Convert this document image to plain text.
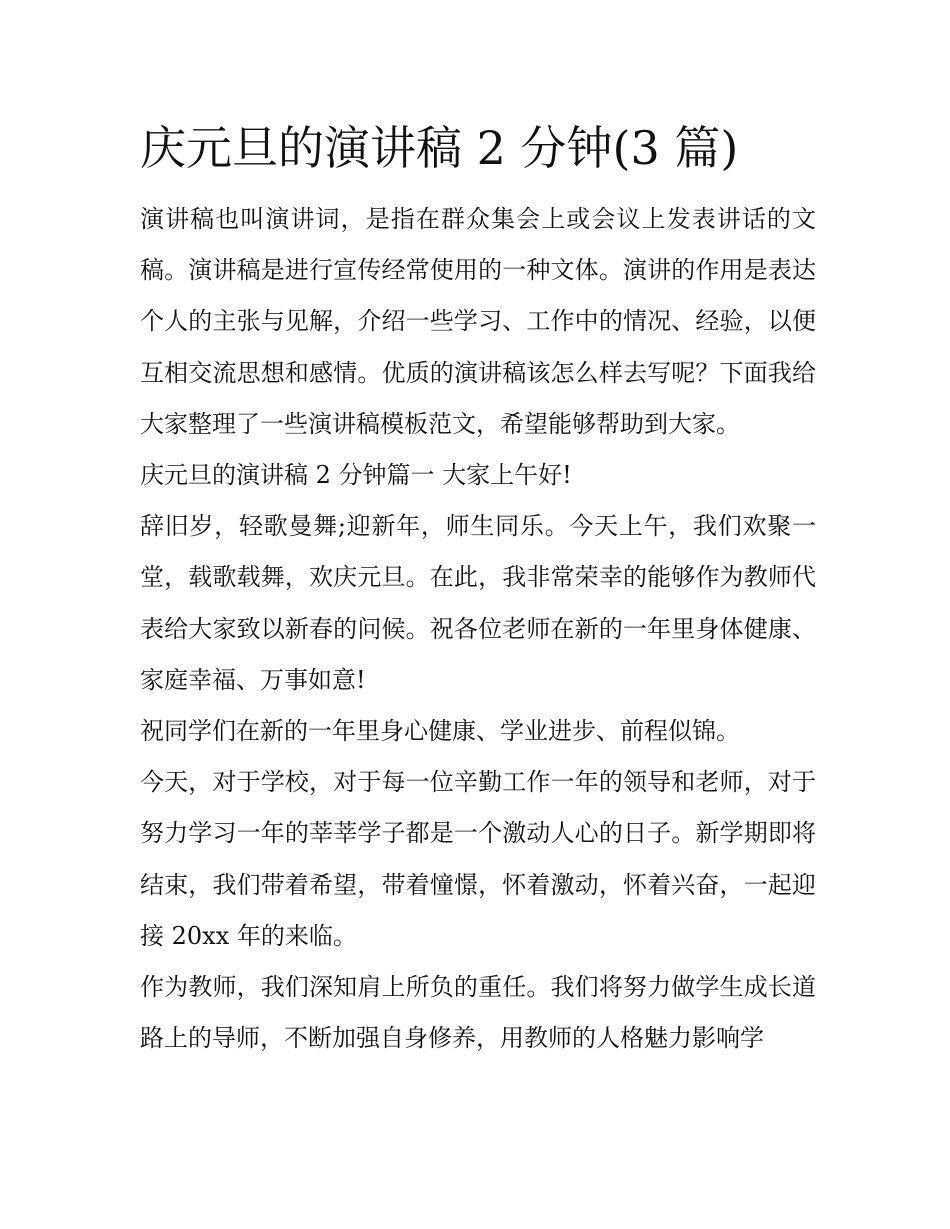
庆元旦的演讲稿 2 分钟(3 篇)

演讲稿也叫演讲词，是指在群众集会上或会议上发表讲话的文稿。演讲稿是进行宣传经常使用的一种文体。演讲的作用是表达个人的主张与见解，介绍一些学习、工作中的情况、经验，以便互相交流思想和感情。优质的演讲稿该怎么样去写呢？下面我给大家整理了一些演讲稿模板范文，希望能够帮助到大家。

庆元旦的演讲稿 2 分钟篇一 大家上午好!

辞旧岁，轻歌曼舞;迎新年，师生同乐。今天上午，我们欢聚一堂，载歌载舞，欢庆元旦。在此，我非常荣幸的能够作为教师代表给大家致以新春的问候。祝各位老师在新的一年里身体健康、家庭幸福、万事如意!

祝同学们在新的一年里身心健康、学业进步、前程似锦。

今天，对于学校，对于每一位辛勤工作一年的领导和老师，对于努力学习一年的莘莘学子都是一个激动人心的日子。新学期即将结束，我们带着希望，带着憧憬，怀着激动，怀着兴奋，一起迎接 20xx 年的来临。

作为教师，我们深知肩上所负的重任。我们将努力做学生成长道路上的导师，不断加强自身修养，用教师的人格魅力影响学
